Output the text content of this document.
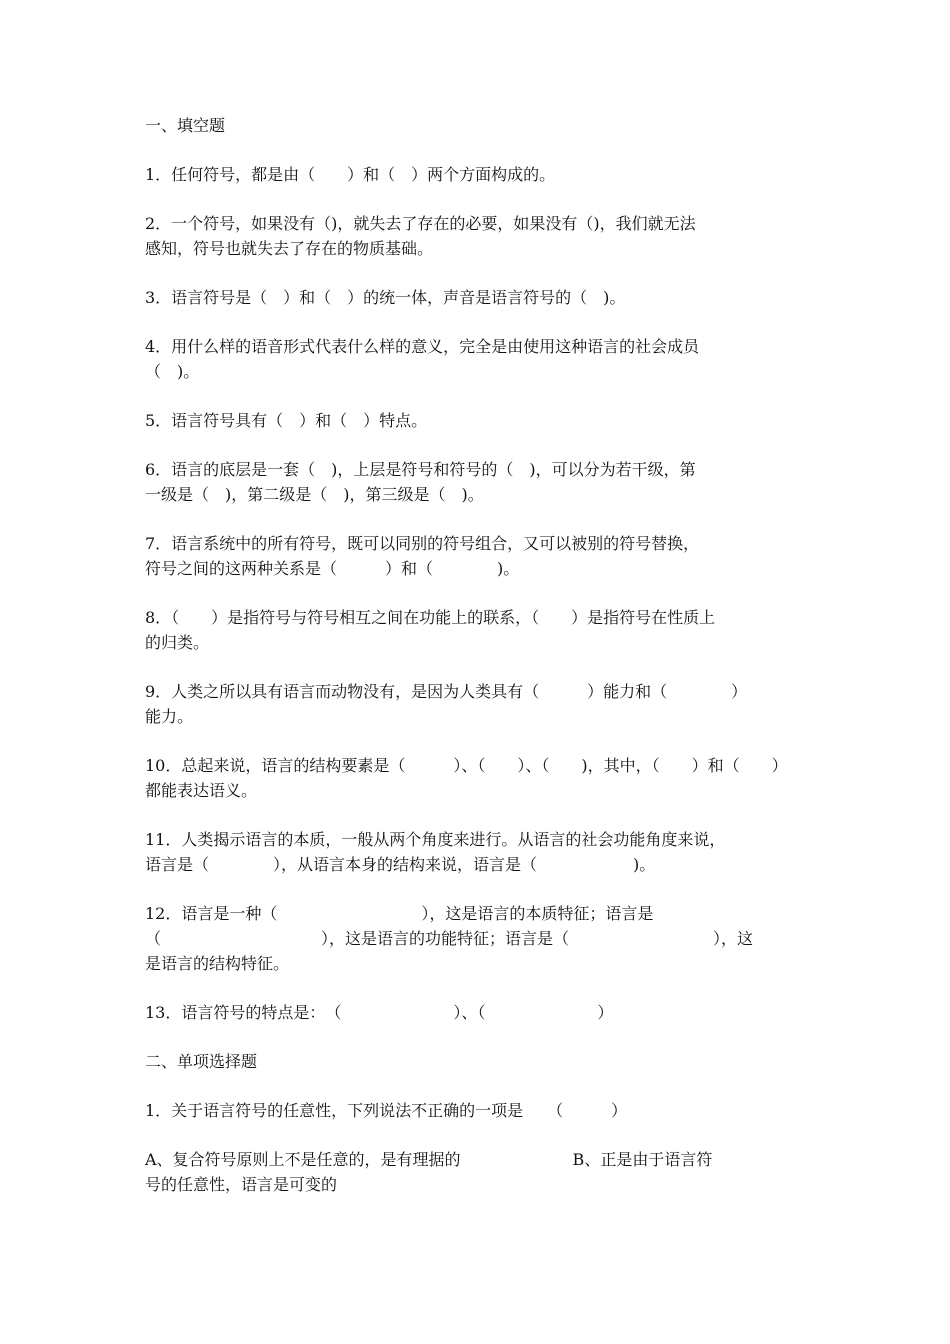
一、填空题
1．任何符号，都是由（　　）和（　）两个方面构成的。
2．一个符号，如果没有（)，就失去了存在的必要，如果没有（)，我们就无法
感知，符号也就失去了存在的物质基础。
3．语言符号是（　）和（　）的统一体，声音是语言符号的（　)。
4．用什么样的语音形式代表什么样的意义，完全是由使用这种语言的社会成员
（　)。
5．语言符号具有（　）和（　）特点。
6．语言的底层是一套（　)，上层是符号和符号的（　)，可以分为若干级，第
一级是（　)，第二级是（　)，第三级是（　)。
7．语言系统中的所有符号，既可以同别的符号组合，又可以被别的符号替换，
符号之间的这两种关系是（　　　）和（　　　　)。
8．（　　）是指符号与符号相互之间在功能上的联系，（　　）是指符号在性质上
的归类。
9．人类之所以具有语言而动物没有，是因为人类具有（　　　）能力和（　　　　）
能力。
10．总起来说，语言的结构要素是（　　　）、（　　）、（　　)，其中，（　　）和（　　）
都能表达语义。
11．人类揭示语言的本质，一般从两个角度来进行。从语言的社会功能角度来说，
语言是（　　　　），从语言本身的结构来说，语言是（　　　　　　)。
12．语言是一种（　　　　　　　　　），这是语言的本质特征；语言是
（　　　　　　　　　　），这是语言的功能特征；语言是（　　　　　　　　　），这
是语言的结构特征。
13．语言符号的特点是：　（　　　　　　　）、（　　　　　　　）
二、单项选择题
1．关于语言符号的任意性，下列说法不正确的一项是　　（　　　）
A、复合符号原则上不是任意的，是有理据的　　　　　　　B、正是由于语言符
号的任意性，语言是可变的
